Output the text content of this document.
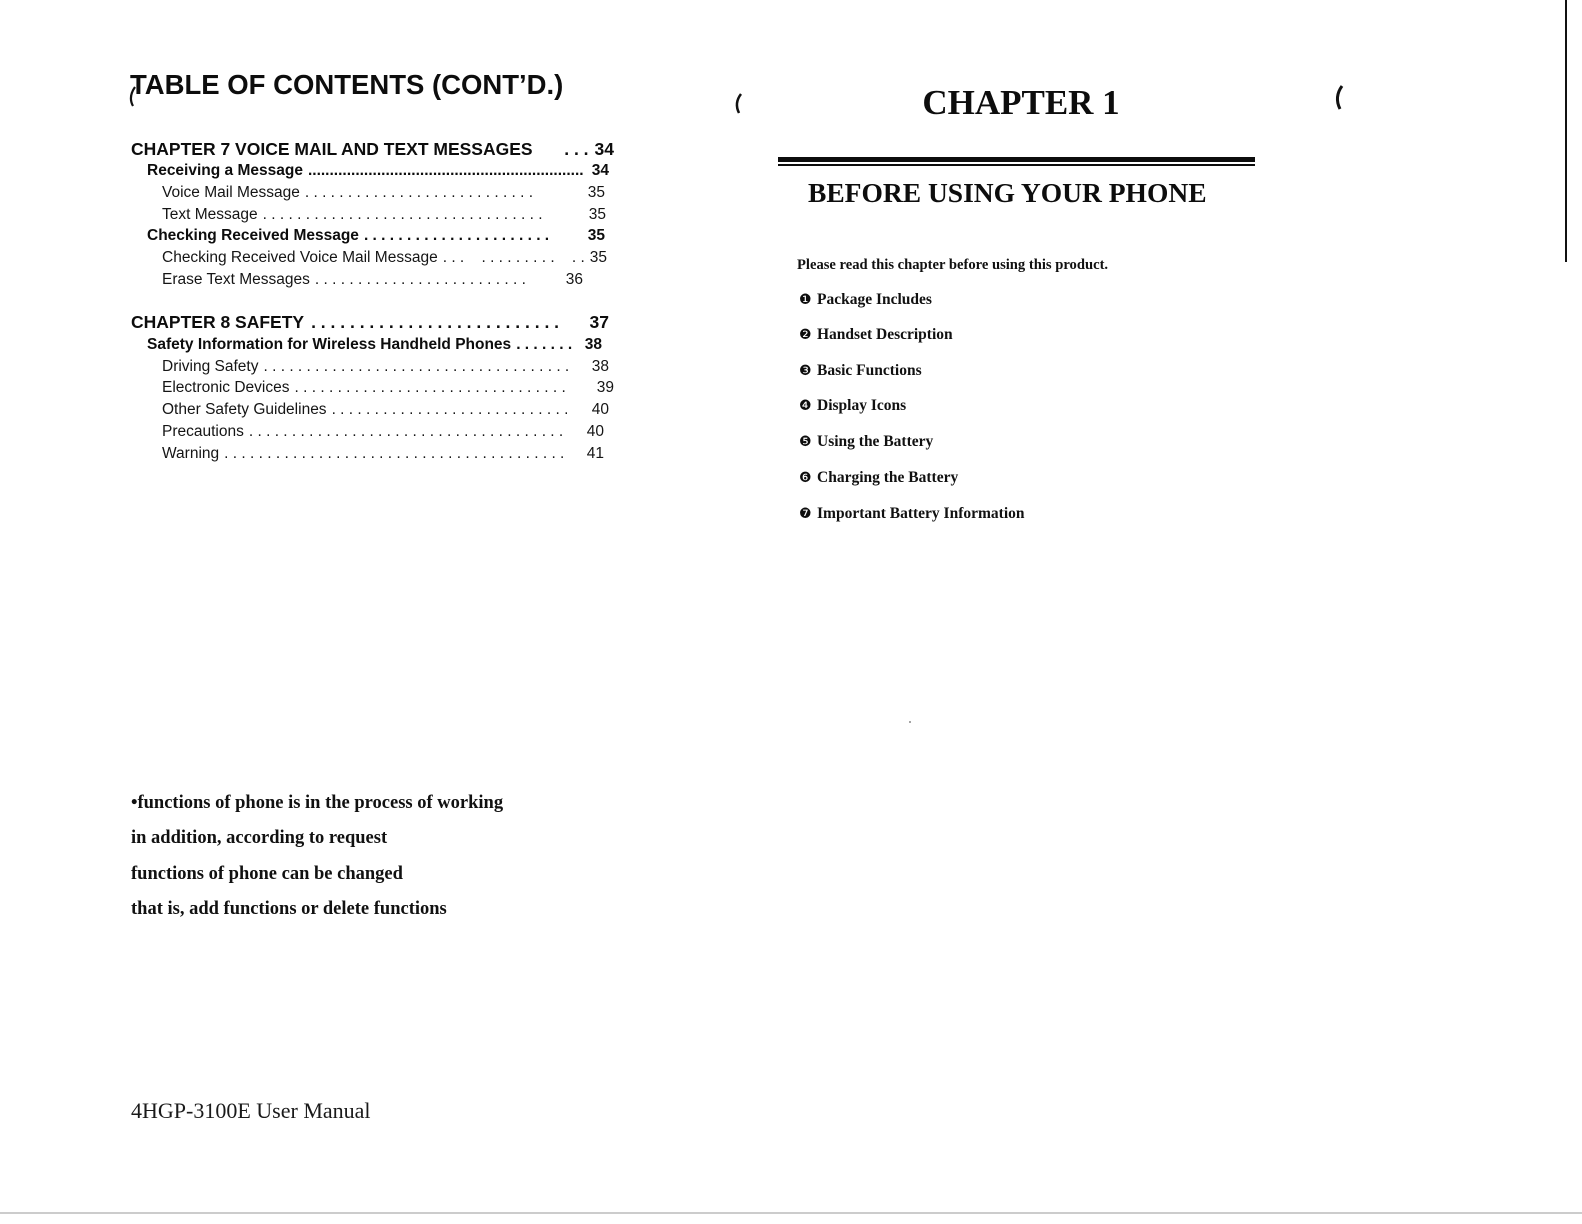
TABLE OF CONTENTS (CONT’D.)
CHAPTER 7 VOICE MAIL AND TEXT MESSAGES	. . . 34
Receiving a Message ................................................................ 34
Voice Mail Message . . . . . . . . . . . . . . . . . . . . . . . . . . .	35
Text Message . . . . . . . . . . . . . . . . . . . . . . . . . . . . . . . . .	35
Checking Received Message . . . . . . . . . . . . . . . . . . . . . .	35
Checking Received Voice Mail Message . . .    . . . . . . . . .    . . 35
Erase Text Messages . . . . . . . . . . . . . . . . . . . . . . . . .	36
CHAPTER 8 SAFETY . . . . . . . . . . . . . . . . . . . . . . . . . .	37
Safety Information for Wireless Handheld Phones . . . . . . . 38
Driving Safety . . . . . . . . . . . . . . . . . . . . . . . . . . . . . . . . . . . .	38
Electronic Devices . . . . . . . . . . . . . . . . . . . . . . . . . . . . . . . .	39
Other Safety Guidelines . . . . . . . . . . . . . . . . . . . . . . . . . . . .	40
Precautions . . . . . . . . . . . . . . . . . . . . . . . . . . . . . . . . . . . . .	40
Warning . . . . . . . . . . . . . . . . . . . . . . . . . . . . . . . . . . . . . . . .	41
•functions of phone is in the process of working
in addition, according to request
functions of phone can be changed
that is, add functions or delete functions
4HGP-3100E User Manual
CHAPTER 1
BEFORE USING YOUR PHONE
Please read this chapter before using this product.
❶ Package Includes
❷ Handset Description
❸ Basic Functions
❹ Display Icons
❺ Using the Battery
❻ Charging the Battery
❼ Important Battery Information
